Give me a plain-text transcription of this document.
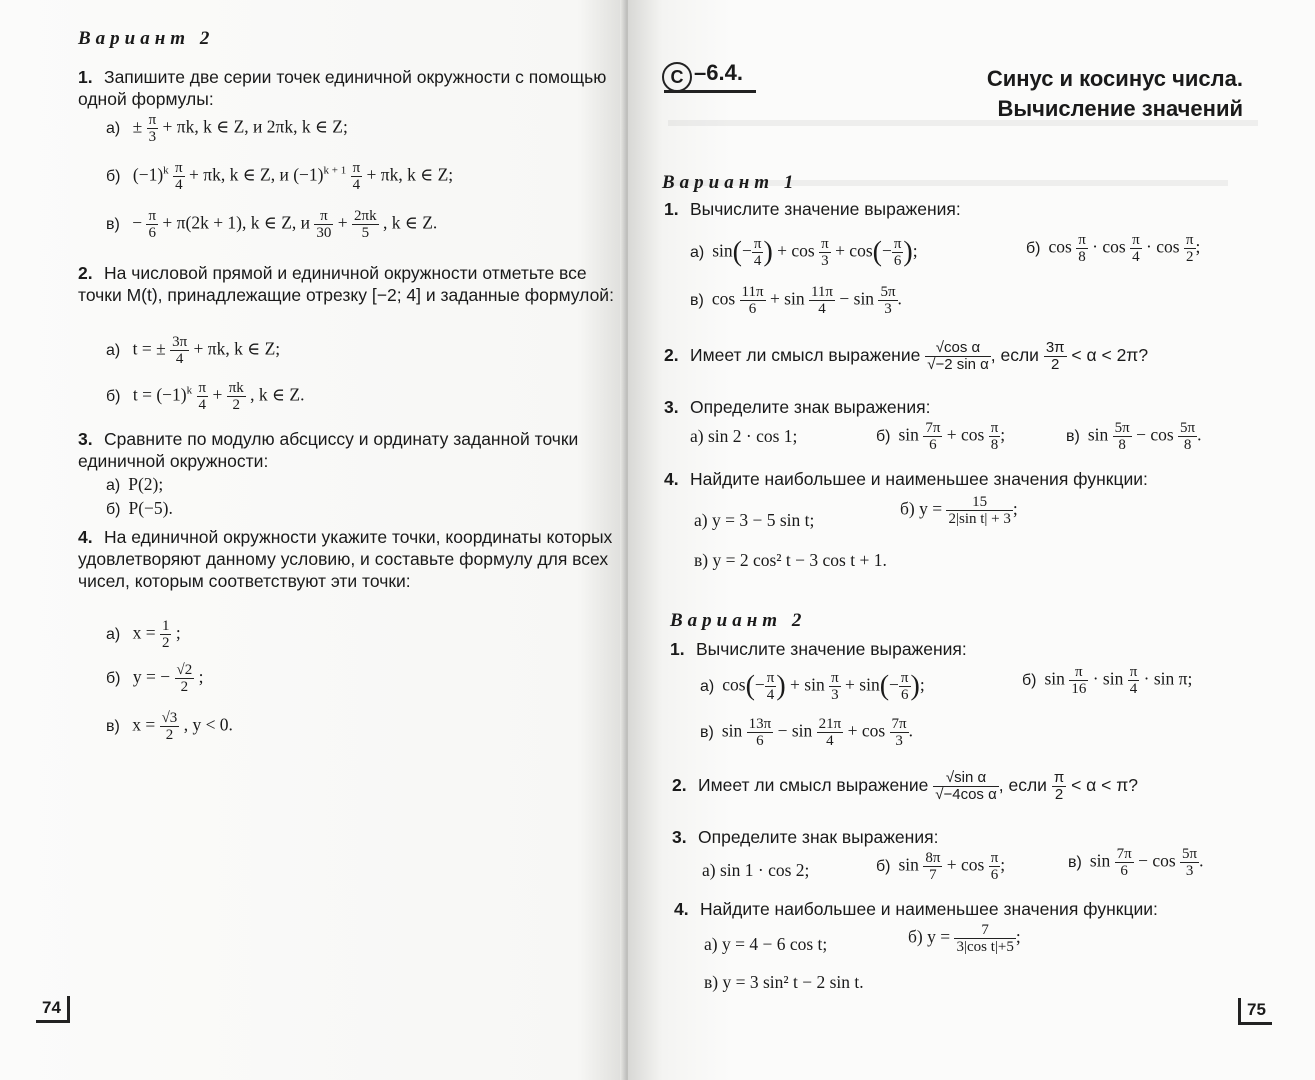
Вариант 2
1. Запишите две серии точек единичной окружности с помощью одной формулы:
$а) \pm \frac{\pi}{3} + \pi k$, k ∈ Z, и 2πk, k ∈ Z;
б) $(-1)^k \frac{\pi}{4} + \pi k$, k ∈ Z, и $(-1)^{k + 1} \frac{\pi}{4} + \pi k$, k ∈ Z;
$в) - \frac{\pi}{6} + \pi(2k + 1)$, k ∈ Z, и $\frac{\pi}{30} + \frac{2\pi k}{5}$ , k ∈ Z.
2. На числовой прямой и единичной окружности отметьте все точки M(t), принадлежащие отрезку [−2; 4] и заданные формулой:
а) t = ± $\frac{3\pi}{4} + \pi k$, k ∈ Z;
б) $t = (-1)^k \frac{\pi}{4} + \frac{\pi k}{2}$ , k ∈ Z.
3. Сравните по модулю абсциссу и ординату заданной точки единичной окружности:
а) P(2);
б) P(−5).
4. На единичной окружности укажите точки, координаты которых удовлетворяют данному условию, и составьте формулу для всех чисел, которым соответствуют эти точки:
а) $x = \frac{1}{2}$ ;
б) y = − $\frac{√2}{2}$ ;
в) $x = \frac{√3}{2}$ , y < 0.
74
С –6.4.	Синус и косинус числа.
Вычисление значений
Вариант 1
1. Вычислите значение выражения:
а) $\sin(- \frac{\pi}{4}$ ) + $\cos \frac{\pi}{3} + \cos(- \frac{\pi}{6}$ );	б) $\cos \frac{\pi}{8} \cdot \cos \frac{\pi}{4} \cdot \cos \frac{\pi}{2}$ ;
в) $\cos \frac{11\pi}{6} + \sin \frac{11\pi}{4} - \sin \frac{5\pi}{3}$ .
2. Имеет ли смысл выражение $\frac{\text{√cos α}}{\text{√−2 sin α}}$ , если $\frac{3\pi}{2} < \alpha < 2\pi$?
3. Определите знак выражения:
а) sin 2 · cos 1;	б) $\sin \frac{7\pi}{6} + \cos \frac{\pi}{8}$ ;	в) $\sin \frac{5\pi}{8} - \cos \frac{5\pi}{8}$ .
4. Найдите наибольшее и наименьшее значения функции:
а) y = 3 − 5 sin t;
б) $y = \frac{15}{\text{2|sin t| + 3}}$ ;
в) y = 2 cos² t − 3 cos t + 1.
Вариант 2
1. Вычислите значение выражения:
а) $\cos(- \frac{\pi}{4}$ ) + $\sin \frac{\pi}{3} + \sin(- \frac{\pi}{6}$ );	б) $\sin \frac{\pi}{16} \cdot \sin \frac{\pi}{4} \cdot \sin \pi$;
в) $\sin \frac{13\pi}{6} - \sin \frac{21\pi}{4} + \cos \frac{7\pi}{3}$ .
2. Имеет ли смысл выражение $\frac{\text{√sin α}}{\text{√−4cos α}}$ , если $\frac{\pi}{2} < \alpha < \pi$?
3. Определите знак выражения:
а) sin 1 · cos 2;	б) $\sin \frac{8\pi}{7} + \cos \frac{\pi}{6}$ ;	в) $\sin \frac{7\pi}{6} - \cos \frac{5\pi}{3}$ .
4. Найдите наибольшее и наименьшее значения функции:
а) y = 4 − 6 cos t;	б) $y = \frac{7}{\text{3|cos t|+5}}$ ;
в) y = 3 sin² t − 2 sin t.
75
